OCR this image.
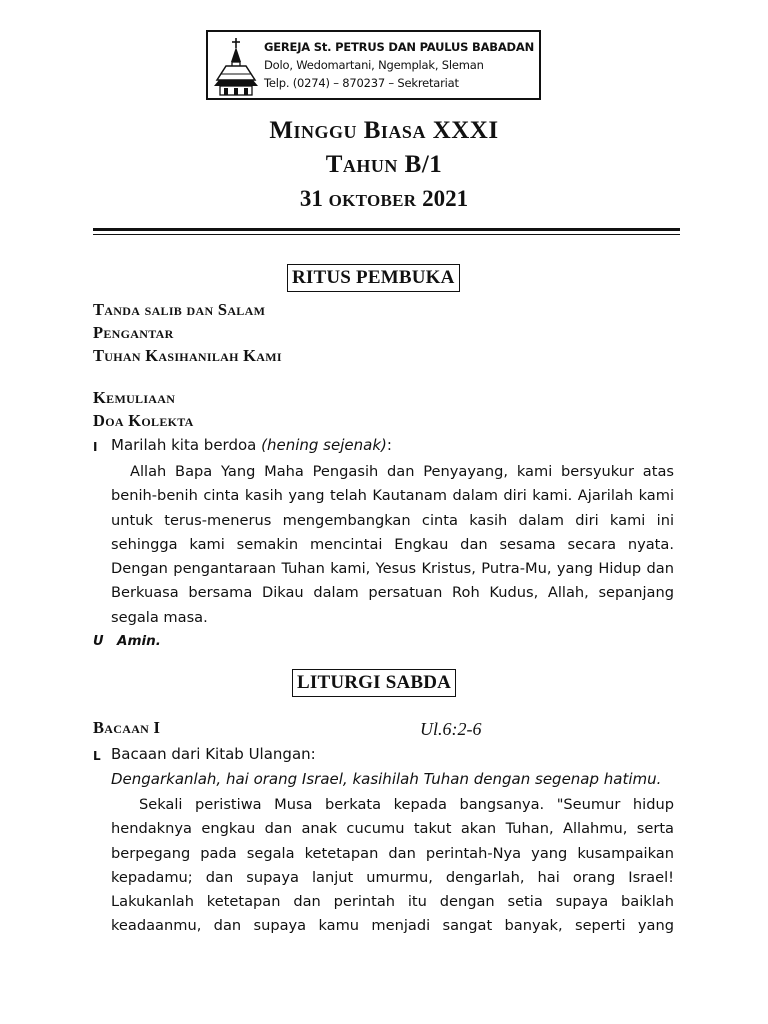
GEREJA St. PETRUS DAN PAULUS BABADAN
Dolo, Wedomartani, Ngemplak, Sleman
Telp. (0274) – 870237 – Sekretariat
Minggu Biasa XXXI
Tahun B/1
31 OKTOBER 2021
RITUS PEMBUKA
Tanda salib dan Salam
Pengantar
Tuhan Kasihanilah Kami
Kemuliaan
Doa Kolekta
I Marilah kita berdoa (hening sejenak):
Allah Bapa Yang Maha Pengasih dan Penyayang, kami bersyukur atas
benih-benih cinta kasih yang telah Kautanam dalam diri kami. Ajarilah kami
untuk terus-menerus mengembangkan cinta kasih dalam diri kami ini
sehingga kami semakin mencintai Engkau dan sesama secara nyata.
Dengan pengantaraan Tuhan kami, Yesus Kristus, Putra-Mu, yang Hidup dan
Berkuasa bersama Dikau dalam persatuan Roh Kudus, Allah, sepanjang
segala masa.
U Amin.
LITURGI SABDA
Bacaan I	Ul.6:2-6
L Bacaan dari Kitab Ulangan:
Dengarkanlah, hai orang Israel, kasihilah Tuhan dengan segenap hatimu.
Sekali peristiwa Musa berkata kepada bangsanya. "Seumur hidup
hendaknya engkau dan anak cucumu takut akan Tuhan, Allahmu, serta
berpegang pada segala ketetapan dan perintah-Nya yang kusampaikan
kepadamu; dan supaya lanjut umurmu, dengarlah, hai orang Israel!
Lakukanlah ketetapan dan perintah itu dengan setia supaya baiklah
keadaanmu, dan supaya kamu menjadi sangat banyak, seperti yang
